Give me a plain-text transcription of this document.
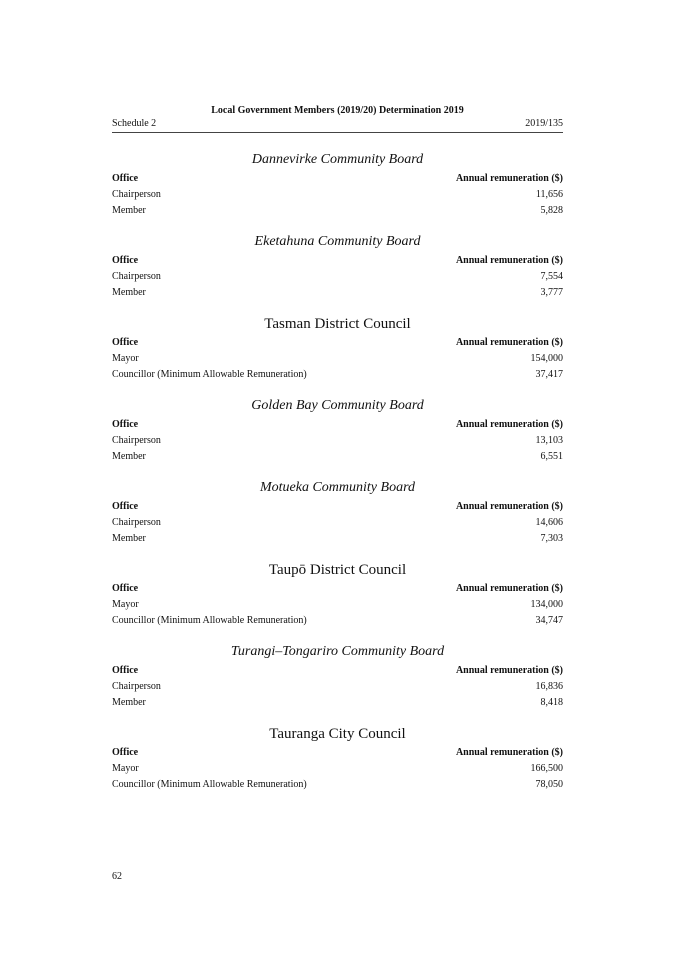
Schedule 2
Local Government Members (2019/20) Determination 2019
2019/135
Dannevirke Community Board
Office	Annual remuneration ($)
Chairperson	11,656
Member	5,828
Eketahuna Community Board
Office	Annual remuneration ($)
Chairperson	7,554
Member	3,777
Tasman District Council
Office	Annual remuneration ($)
Mayor	154,000
Councillor (Minimum Allowable Remuneration)	37,417
Golden Bay Community Board
Office	Annual remuneration ($)
Chairperson	13,103
Member	6,551
Motueka Community Board
Office	Annual remuneration ($)
Chairperson	14,606
Member	7,303
Taupō District Council
Office	Annual remuneration ($)
Mayor	134,000
Councillor (Minimum Allowable Remuneration)	34,747
Turangi–Tongariro Community Board
Office	Annual remuneration ($)
Chairperson	16,836
Member	8,418
Tauranga City Council
Office	Annual remuneration ($)
Mayor	166,500
Councillor (Minimum Allowable Remuneration)	78,050
62
